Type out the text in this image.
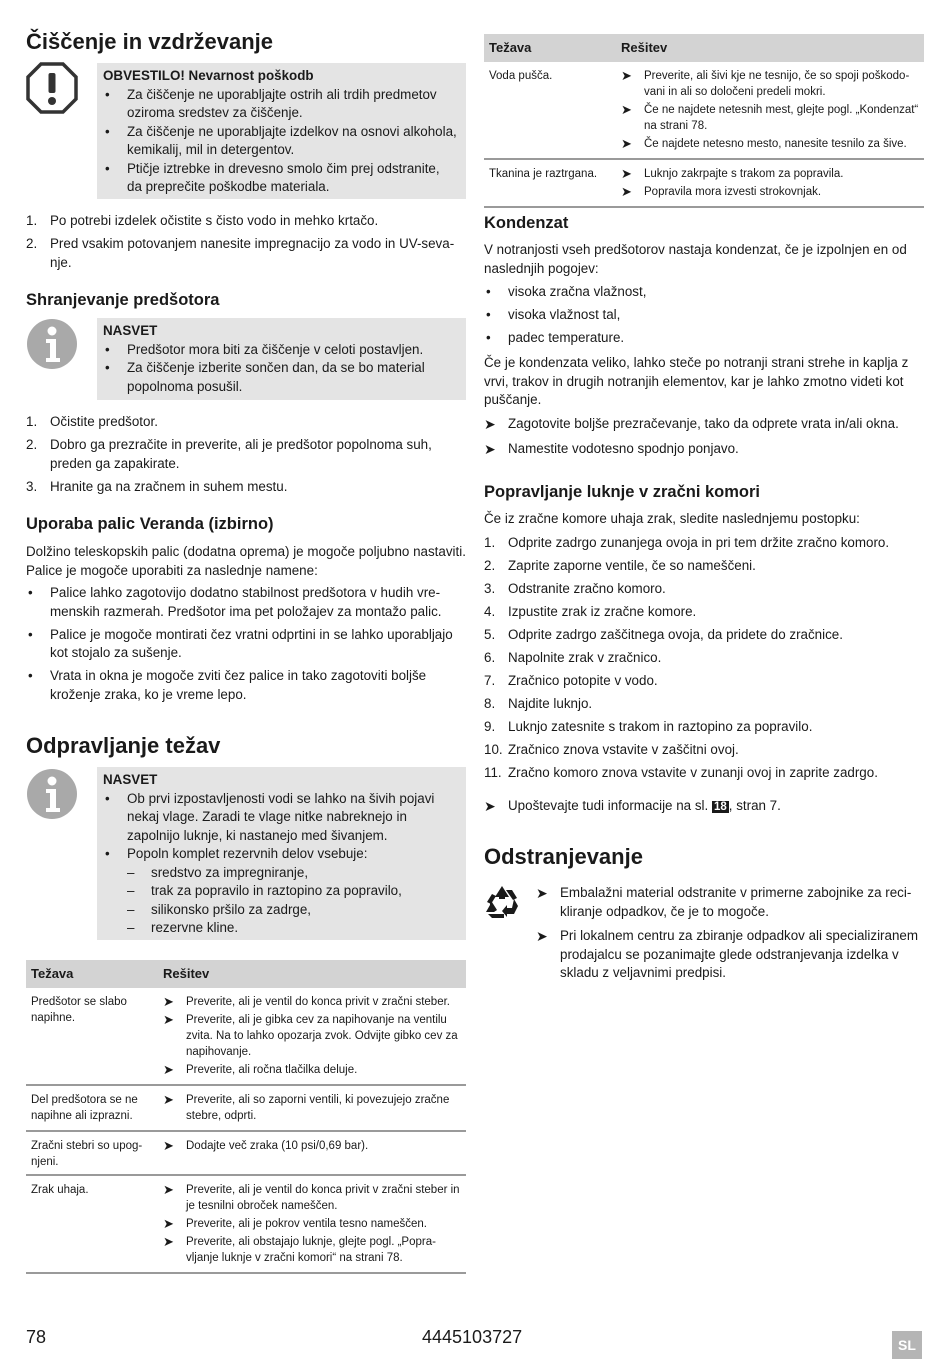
Čiščenje in vzdrževanje
OBVESTILO! Nevarnost poškodb
• Za čiščenje ne uporabljajte ostrih ali trdih predmetov oziroma sredstev za čiščenje.
• Za čiščenje ne uporabljajte izdelkov na osnovi alkohola, kemikalij, mil in detergentov.
• Ptičje iztrebke in drevesno smolo čim prej odstranite, da preprečite poškodbe materiala.
1. Po potrebi izdelek očistite s čisto vodo in mehko krtačo.
2. Pred vsakim potovanjem nanesite impregnacijo za vodo in UV-sevanje.
Shranjevanje predšotora
NASVET
• Predšotor mora biti za čiščenje v celoti postavljen.
• Za čiščenje izberite sončen dan, da se bo material popolnoma posušil.
1. Očistite predšotor.
2. Dobro ga prezračite in preverite, ali je predšotor popolnoma suh, preden ga zapakirate.
3. Hranite ga na zračnem in suhem mestu.
Uporaba palic Veranda (izbirno)

Dolžino teleskopskih palic (dodatna oprema) je mogoče poljubno nastaviti. Palice je mogoče uporabiti za naslednje namene:

• Palice lahko zagotovijo dodatno stabilnost predšotora v hudih vremenskih razmerah. Predšotor ima pet položajev za montažo palic.
• Palice je mogoče montirati čez vratni odprtini in se lahko uporabljajo kot stojalo za sušenje.
• Vrata in okna je mogoče zviti čez palice in tako zagotoviti boljše kroženje zraka, ko je vreme lepo.
Odpravljanje težav
NASVET
• Ob prvi izpostavljenosti vodi se lahko na šivih pojavi nekaj vlage. Zaradi te vlage nitke nabreknejo in zapolnijo luknje, ki nastanejo med šivanjem.
• Popoln komplet rezervnih delov vsebuje:
– sredstvo za impregniranje,
– trak za popravilo in raztopino za popravilo,
– silikonsko pršilo za zadrge,
– rezervne kline.
Težava	Rešitev
Predšotor se slabo napihne.	➤ Preverite, ali je ventil do konca privit v zračni steber.
➤ Preverite, ali je gibka cev za napihovanje na ventilu zvita. Na to lahko opozarja zvok. Odvijte gibko cev za napihovanje.
➤ Preverite, ali ročna tlačilka deluje.

Del predšotora se ne napihne ali izprazni.	➤ Preverite, ali so zaporni ventili, ki povezujejo zračne stebre, odprti.

Zračni stebri so upognjeni.	➤ Dodajte več zraka (10 psi/0,69 bar).

Zrak uhaja.	➤ Preverite, ali je ventil do konca privit v zračni steber in je tesnilni obroček nameščen.
➤ Preverite, ali je pokrov ventila tesno nameščen.
➤ Preverite, ali obstajajo luknje, glejte pogl. „Popravljanje luknje v zračni komori“ na strani 78.
Težava	Rešitev
Voda pušča.	➤ Preverite, ali šivi kje ne tesnijo, če so spoji poškodovani in ali so določeni predeli mokri.
➤ Če ne najdete netesnih mest, glejte pogl. „Kondenzat“ na strani 78.
➤ Če najdete netesno mesto, nanesite tesnilo za šive.

Tkanina je raztrgana.	➤ Luknjo zakrpajte s trakom za popravila.
➤ Popravila mora izvesti strokovnjak.
Kondenzat

V notranjosti vseh predšotorov nastaja kondenzat, če je izpolnjen en od naslednjih pogojev:

• visoka zračna vlažnost,
• visoka vlažnost tal,
• padec temperature.

Če je kondenzata veliko, lahko steče po notranji strani strehe in kaplja z vrvi, trakov in drugih notranjih elementov, kar je lahko zmotno videti kot puščanje.

➤ Zagotovite boljše prezračevanje, tako da odprete vrata in/ali okna.
➤ Namestite vodotesno spodnjo ponjavo.
Popravljanje luknje v zračni komori

Če iz zračne komore uhaja zrak, sledite naslednjemu postopku:

1. Odprite zadrgo zunanjega ovoja in pri tem držite zračno komoro.
2. Zaprite zaporne ventile, če so nameščeni.
3. Odstranite zračno komoro.
4. Izpustite zrak iz zračne komore.
5. Odprite zadrgo zaščitnega ovoja, da pridete do zračnice.
6. Napolnite zrak v zračnico.
7. Zračnico potopite v vodo.
8. Najdite luknjo.
9. Luknjo zatesnite s trakom in raztopino za popravilo.
10. Zračnico znova vstavite v zaščitni ovoj.
11. Zračno komoro znova vstavite v zunanji ovoj in zaprite zadrgo.
➤ Upoštevajte tudi informacije na sl. 18 , stran 7.
Odstranjevanje
➤ Embalažni material odstranite v primerne zabojnike za recikliranje odpadkov, če je to mogoče.
➤ Pri lokalnem centru za zbiranje odpadkov ali specializiranem prodajalcu se pozanimajte glede odstranjevanja izdelka v skladu z veljavnimi predpisi.
78	4445103727	SL
